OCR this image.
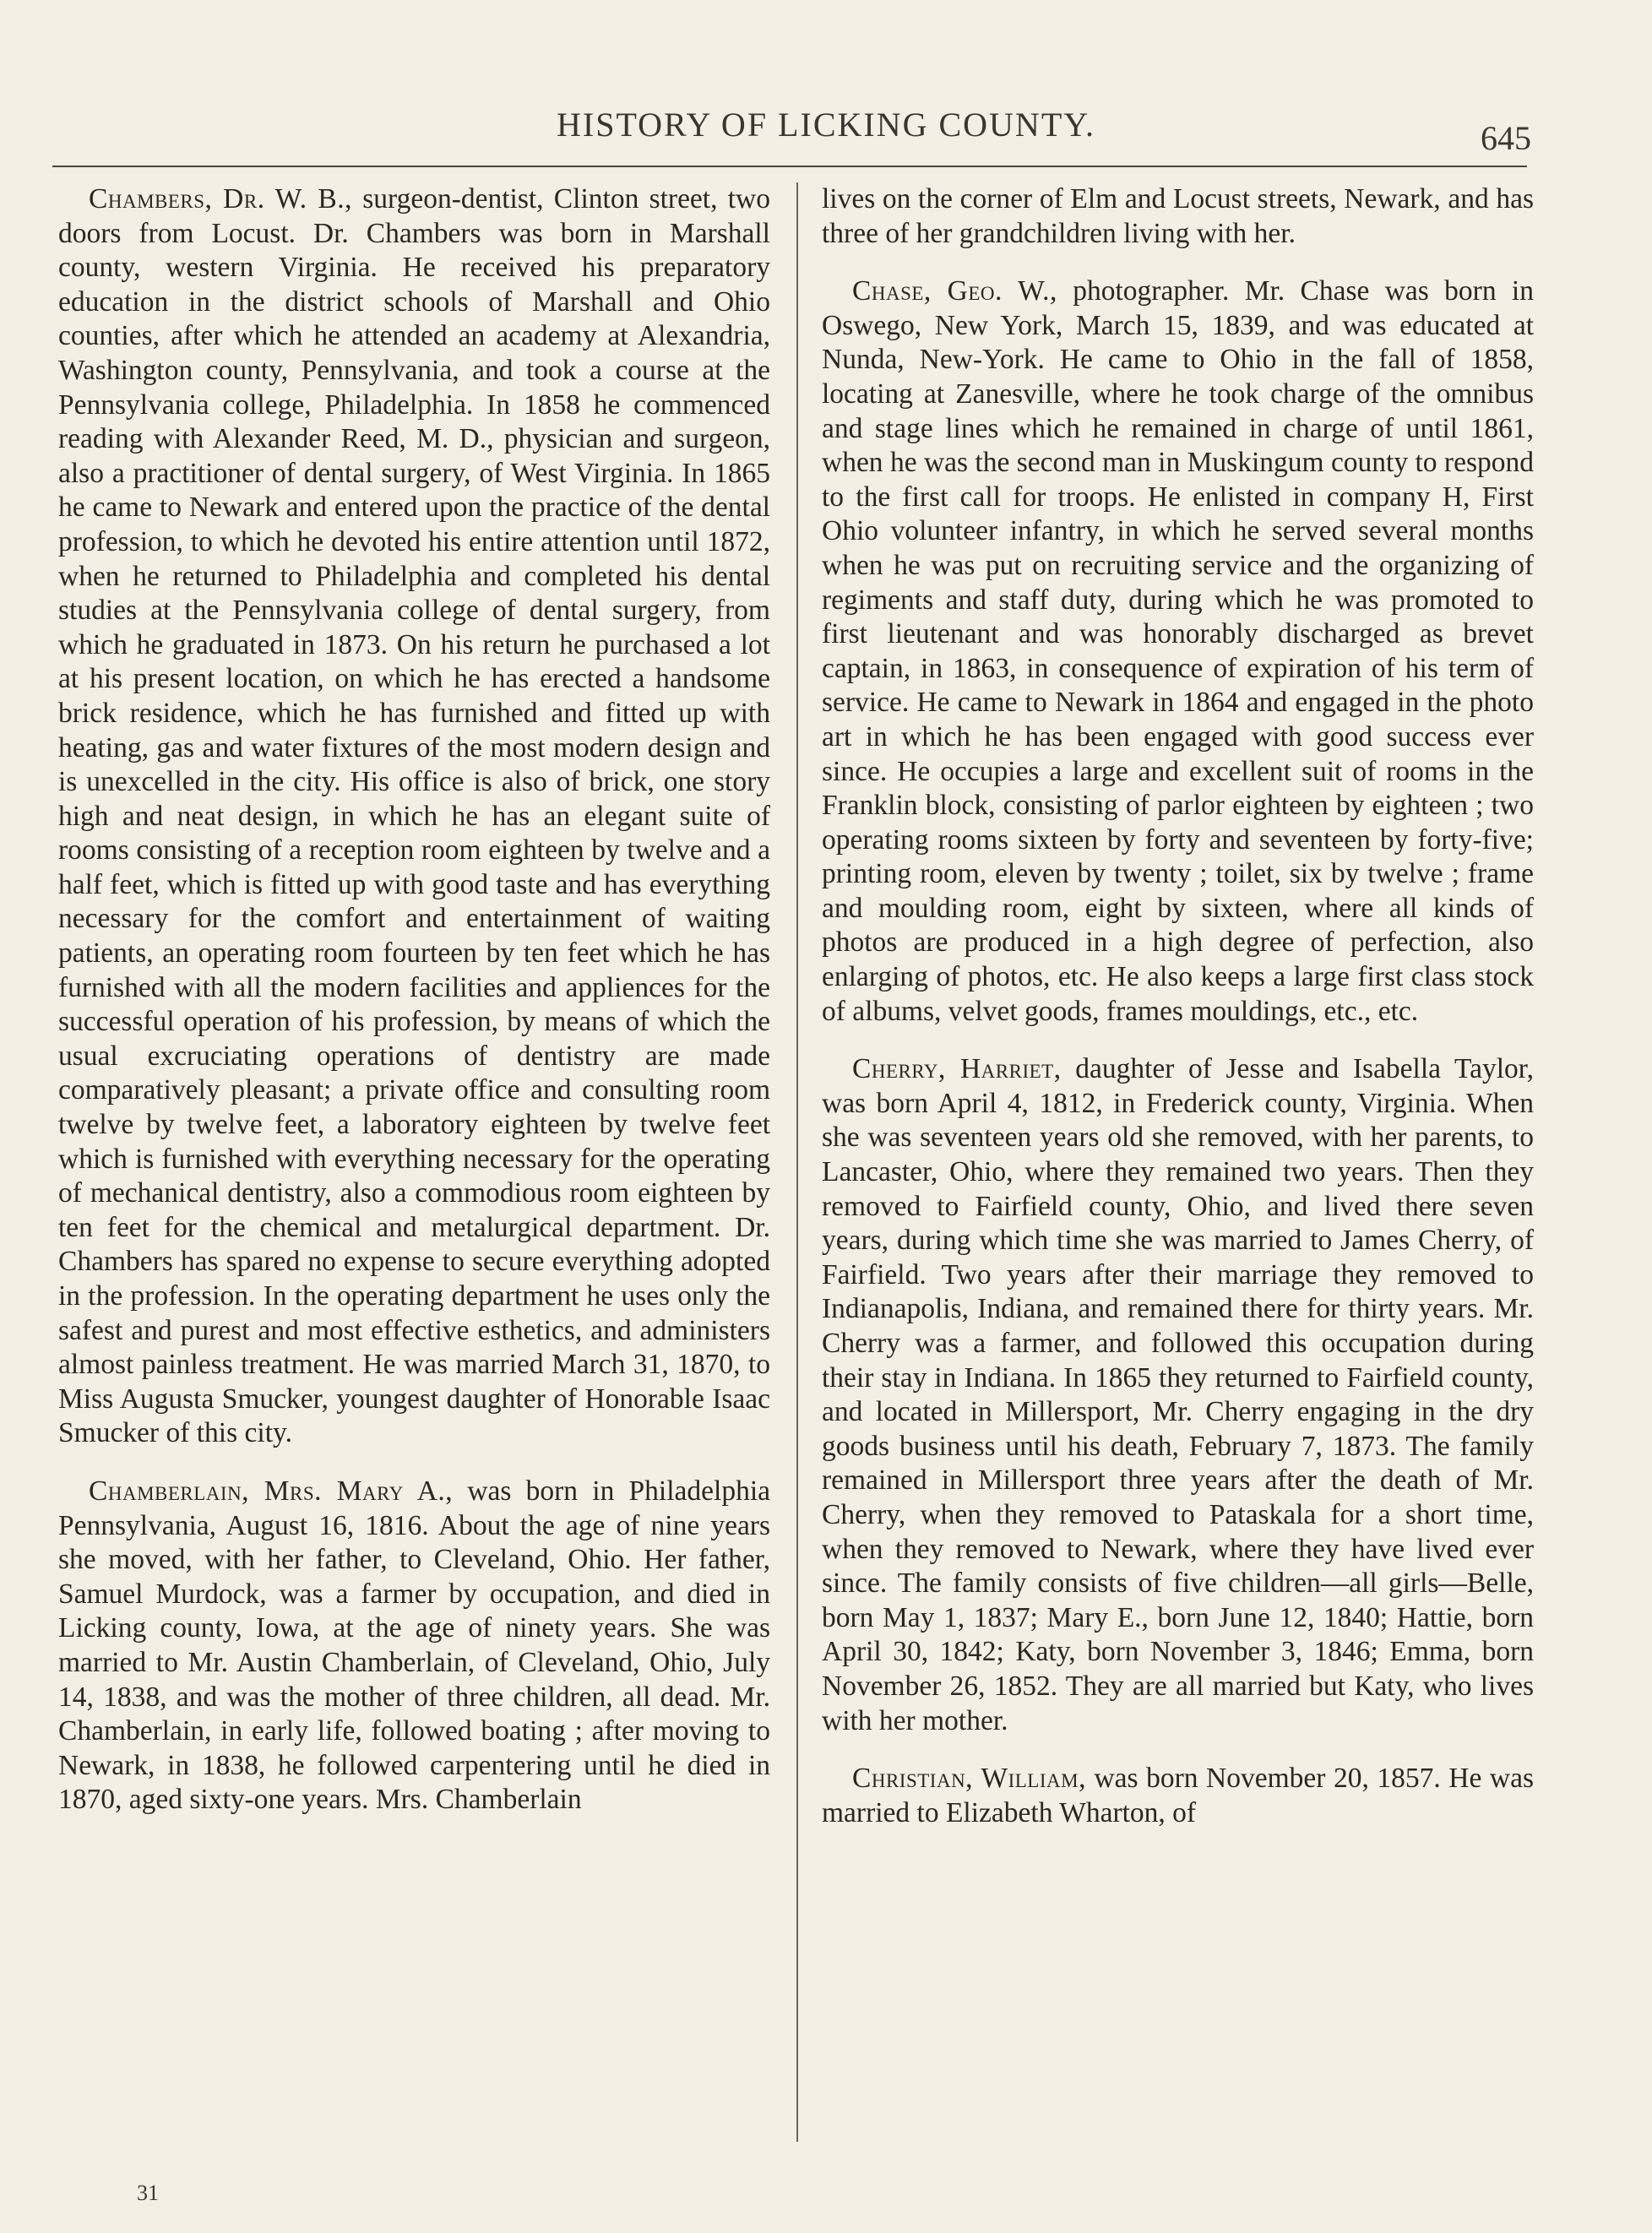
HISTORY OF LICKING COUNTY.	645

Chambers, Dr. W. B., surgeon-dentist, Clinton street, two doors from Locust. Dr. Chambers was born in Marshall county, western Virginia. He received his preparatory education in the district schools of Marshall and Ohio counties, after which he attended an academy at Alexandria, Washington county, Pennsylvania, and took a course at the Pennsylvania college, Philadelphia. In 1858 he commenced reading with Alexander Reed, M. D., physician and surgeon, also a practitioner of dental surgery, of West Virginia. In 1865 he came to Newark and entered upon the practice of the dental profession, to which he devoted his entire attention until 1872, when he returned to Philadelphia and completed his dental studies at the Pennsylvania college of dental surgery, from which he graduated in 1873. On his return he purchased a lot at his present location, on which he has erected a handsome brick residence, which he has furnished and fitted up with heating, gas and water fixtures of the most modern design and is unexcelled in the city. His office is also of brick, one story high and neat design, in which he has an elegant suite of rooms consisting of a reception room eighteen by twelve and a half feet, which is fitted up with good taste and has everything necessary for the comfort and entertainment of waiting patients, an operating room fourteen by ten feet which he has furnished with all the modern facilities and appliences for the successful operation of his profession, by means of which the usual excruciating operations of dentistry are made comparatively pleasant; a private office and consulting room twelve by twelve feet, a laboratory eighteen by twelve feet which is furnished with everything necessary for the operating of mechanical dentistry, also a commodious room eighteen by ten feet for the chemical and metalurgical department. Dr. Chambers has spared no expense to secure everything adopted in the profession. In the operating department he uses only the safest and purest and most effective esthetics, and administers almost painless treatment. He was married March 31, 1870, to Miss Augusta Smucker, youngest daughter of Honorable Isaac Smucker of this city.

Chamberlain, Mrs. Mary A., was born in Philadelphia Pennsylvania, August 16, 1816. About the age of nine years she moved, with her father, to Cleveland, Ohio. Her father, Samuel Murdock, was a farmer by occupation, and died in Licking county, Iowa, at the age of ninety years. She was married to Mr. Austin Chamberlain, of Cleveland, Ohio, July 14, 1838, and was the mother of three children, all dead. Mr. Chamberlain, in early life, followed boating ; after moving to Newark, in 1838, he followed carpentering until he died in 1870, aged sixty-one years. Mrs. Chamberlain

lives on the corner of Elm and Locust streets, Newark, and has three of her grandchildren living with her.

Chase, Geo. W., photographer. Mr. Chase was born in Oswego, New York, March 15, 1839, and was educated at Nunda, New-York. He came to Ohio in the fall of 1858, locating at Zanesville, where he took charge of the omnibus and stage lines which he remained in charge of until 1861, when he was the second man in Muskingum county to respond to the first call for troops. He enlisted in company H, First Ohio volunteer infantry, in which he served several months when he was put on recruiting service and the organizing of regiments and staff duty, during which he was promoted to first lieutenant and was honorably discharged as brevet captain, in 1863, in consequence of expiration of his term of service. He came to Newark in 1864 and engaged in the photo art in which he has been engaged with good success ever since. He occupies a large and excellent suit of rooms in the Franklin block, consisting of parlor eighteen by eighteen ; two operating rooms sixteen by forty and seventeen by forty-five; printing room, eleven by twenty ; toilet, six by twelve ; frame and moulding room, eight by sixteen, where all kinds of photos are produced in a high degree of perfection, also enlarging of photos, etc. He also keeps a large first class stock of albums, velvet goods, frames mouldings, etc., etc.

Cherry, Harriet, daughter of Jesse and Isabella Taylor, was born April 4, 1812, in Frederick county, Virginia. When she was seventeen years old she removed, with her parents, to Lancaster, Ohio, where they remained two years. Then they removed to Fairfield county, Ohio, and lived there seven years, during which time she was married to James Cherry, of Fairfield. Two years after their marriage they removed to Indianapolis, Indiana, and remained there for thirty years. Mr. Cherry was a farmer, and followed this occupation during their stay in Indiana. In 1865 they returned to Fairfield county, and located in Millersport, Mr. Cherry engaging in the dry goods business until his death, February 7, 1873. The family remained in Millersport three years after the death of Mr. Cherry, when they removed to Pataskala for a short time, when they removed to Newark, where they have lived ever since. The family consists of five children—all girls—Belle, born May 1, 1837; Mary E., born June 12, 1840; Hattie, born April 30, 1842; Katy, born November 3, 1846; Emma, born November 26, 1852. They are all married but Katy, who lives with her mother.

Christian, William, was born November 20, 1857. He was married to Elizabeth Wharton, of

31
